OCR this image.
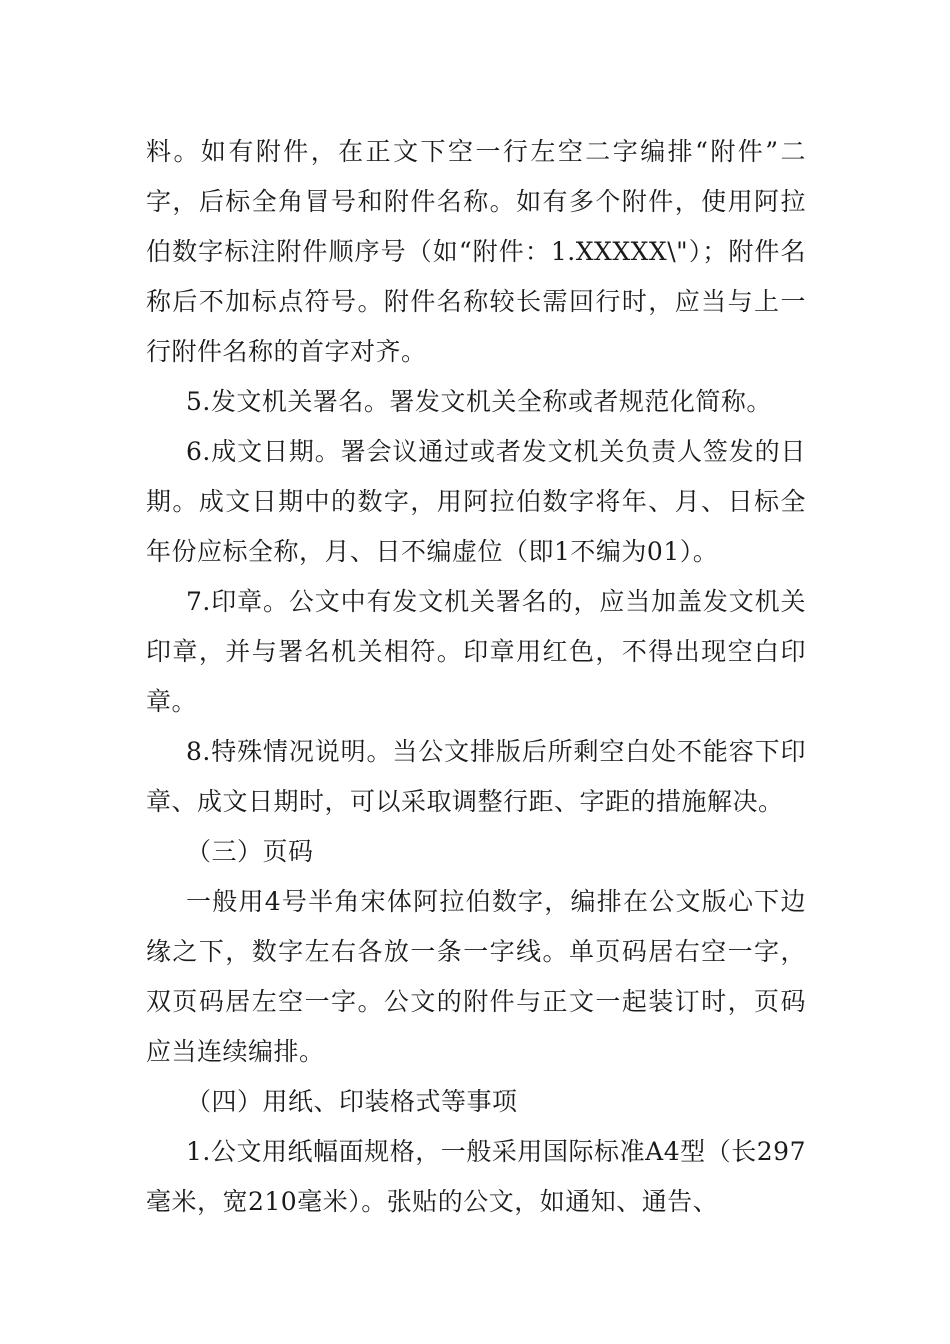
料。如有附件，在正文下空一行左空二字编排“附件”二字，后标全角冒号和附件名称。如有多个附件，使用阿拉伯数字标注附件顺序号（如“附件：1.XXXXX\"）；附件名称后不加标点符号。附件名称较长需回行时，应当与上一行附件名称的首字对齐。

5.发文机关署名。署发文机关全称或者规范化简称。

6.成文日期。署会议通过或者发文机关负责人签发的日期。成文日期中的数字，用阿拉伯数字将年、月、日标全年份应标全称，月、日不编虚位（即1不编为01）。

7.印章。公文中有发文机关署名的，应当加盖发文机关印章，并与署名机关相符。印章用红色，不得出现空白印章。

8.特殊情况说明。当公文排版后所剩空白处不能容下印章、成文日期时，可以采取调整行距、字距的措施解决。

（三）页码

一般用4号半角宋体阿拉伯数字，编排在公文版心下边缘之下，数字左右各放一条一字线。单页码居右空一字，双页码居左空一字。公文的附件与正文一起装订时，页码应当连续编排。

（四）用纸、印装格式等事项

1.公文用纸幅面规格，一般采用国际标准A4型（长297毫米，宽210毫米）。张贴的公文，如通知、通告、
